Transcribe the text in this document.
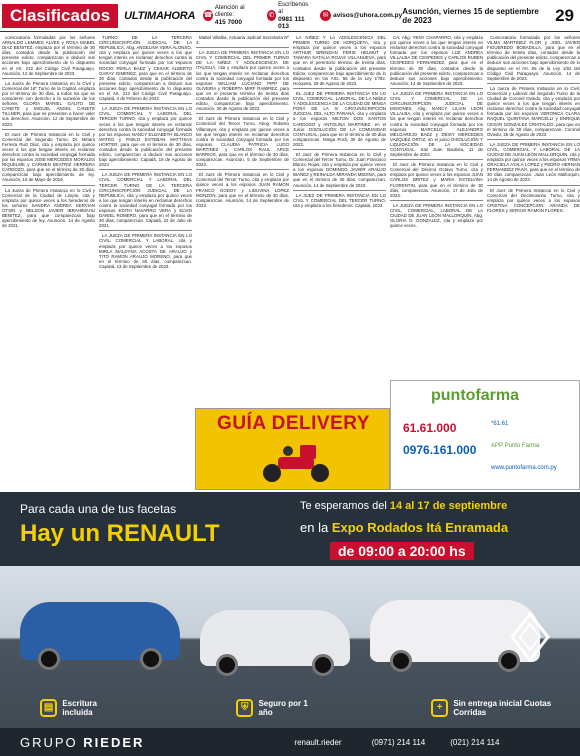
Clasificados	ULTIMAHORA ☎
Atención al cliente:
415 7000
✆
Escríbenos al
0981 111 013
✉ avisos@uhora.com.py Asunción, viernes 15 de septiembre de 2023	29

convocatoria formuladas por los señores ARNALDO LEMMES ALVES y ROSA MABEL DIAZ BENITEZ, emplaza por el término de 30 días, contados desde la publicación del presente edicto, comparezcan a deducir sus acciones bajo apercibimiento de lo dispuesto en el Art. 212 del Código Civil Paraguayo. Asunción, 12 de Septiembre de 2023.

La Jueza de Primera Instancia en lo Civil y Comercial del 18º Turno de la Capital, emplaza por el término de 30 días, a todos los que se consideren con derecho a la sucesión de los señores GLORIA MARIEL GAUTO DE CANETE y MIGUEL ANGEL CANETE TILLNER, para que se presenten a hacer valer sus derechos. Asunción, 12 de Septiembre de 2023.

El Juez de Primera Instancia en lo Civil y Comercial del Segundo Turno, Dr. Miriam Ferreira Ruiz Diaz, cita y emplaza por quince veces a los que tengan interés en reclamar derechos contra la sociedad conyugal formada por los esposos JOSE MERCEDES MORALES RIQUELME y CARMEN BEATRIZ HERRERA CARDOZO, para que en el término de 30 días, comparezcan bajo apercibimiento de ley. Asunción, 16 de Mayo de 2019.

La Jueza de Primera Instancia en lo Civil y Comercial de la Ciudad de Limpio, cita y emplaza por quince veces a los herederos de los señores SANDRA ANDREA SERVIAN OTSIN y NELSON JAVIER IBRAHIMAHU BENITEZ, para que comparezcan bajo apercibimiento de ley. Asunción, 14 de Agosto de 2021.

TURNO DE LA TERCERA CIRCUNSCRIPCIÓN JUDICIAL DE LA REPÚBLICA, Abg. ANGELINA VERA ALONSO, cita y emplaza por quince veces a los que tengan interés en reclamar derechos contra la sociedad conyugal formada por los esposos ROCIO PERLA BAEZ y CESAR ALBERTO GARAY GIMENEZ, para que en el término de 30 días, contados desde la publicación del presente edicto, comparezcan a deducir sus acciones bajo apercibimiento de lo dispuesto en el Art. 212 del Código Civil Paraguayo. Capiatá, 4 de Febrero de 2022.

LA JUEZA DE PRIMERA INSTANCIA EN LO CIVIL, COMERCIAL Y LABORAL DEL TERCER TURNO, cita y emplaza por quince veces a los que tengan interés en reclamar derechos contra la sociedad conyugal formada por los esposos NANCY ELIZABETH BLANCO MATEO y PABLO ESTEBAN MATTHIAS HORTER, para que en el término de 30 días, contados desde la publicación del presente edicto, comparezcan a deducir sus acciones bajo apercibimiento. Capiatá, 18 de Agosto de 2023.

LA JUEZA DE PRIMERA INSTANCIA EN LO CIVIL, COMERCIAL Y LABORAL DEL TERCER TURNO DE LA TERCERA CIRCUNSCRIPCIÓN JUDICIAL DE LA REPÚBLICA, cita y emplaza por quince veces a los que tengan interés en reclamar derechos contra la sociedad conyugal formada por los esposos EDITH NAVARRO VERA y ELVIO DANIEL ROMERO, para que en el término de 30 días, comparezcan. Capiatá, 22 de Julio de 2021.

LA JUEZA DE PRIMERA INSTANCIA EN LO CIVIL, COMERCIAL Y LABORAL, cita y emplaza por quince veces a los esposos MIRLA MALDYNA ACOSTA DE ARAUJO y TITO RAMON ARAUJO MORENO, para que en el término de 30 días, comparezcan. Capiatá, 13 de Septiembre de 2023.

Mabel Villalba, Actuaria Judicial Secretaría Nº 3.

LA JUEZA DE PRIMERA INSTANCIA EN LO CIVIL Y COMERCIAL DEL PRIMER TURNO DE LA NIÑEZ Y ADOLESCENCIA DE ITAUGUÁ, cita y emplaza por quince veces a los que tengan interés en reclamar derechos contra la sociedad conyugal formada por los esposos WILLIAM LUCIANO PIPP DE OLIVEIRA y ROBERTA MIRF RAMIREZ, para que en el presente término de treinta días contados desde la publicación del presente edicto, comparezcan bajo apercibimiento. Asunción, 30 de Agosto de 2023.

El Juez de Primera Instancia en lo Civil y Comercial del Tercer Turno, Abog. Roberto Villamayor, cita y emplaza por quince veces a los que tengan interés en reclamar derechos contra la sociedad conyugal formada por los esposos CLAUDIA PATRICIA LUGO MARTINEZ y CARLOS RAUL ARCE BARRIOS, para que en el término de 30 días, comparezcan. Asunción, 6 de Septiembre de 2023.

El Juez de Primera Instancia en lo Civil y Comercial del Tercer Turno, cita y emplaza por quince veces a los esposos JUAN RAMON FRANCO GODOY y LIDUVINA LOPEZ MONZON, para que en el término de 30 días, comparezcan. Asunción, 14 de Septiembre de 2023.

LA NIÑEZ Y LA ADOLESCENCIA DEL PRIMER TURNO DE HORQUETA, cita y emplaza por quince veces a los esposos ARTHUR BRENDAN FERIS HELMUT y TAMARA NATALIA ROJAS VILLANUEVA, para que en el perentorio término de treinta días, contados desde la publicación del presente Edicto, comparezcan bajo apercibimiento de lo dispuesto en los Arts. 55 de la Ley 1º/92. Horqueta, 29 de Agosto de 2023.

EL JUEZ DE PRIMERA INSTANCIA EN LO CIVIL, COMERCIAL, LABORAL, DE LA NIÑEZ Y ADOLESCENCIA DE LA CIUDAD DE MINGA PORÁ DE LA IV CIRCUNSCRIPCIÓN JUDICIAL DEL ALTO PARANÁ, cita y emplaza a los esposos MILTON DOS SANTOS CARDOSO y ANTOLINA MARTINEZ, en el Juicio: DISOLUCIÓN DE LA COMUNIDAD CONYUGAL, para que en el término de 30 días comparezcan. Minga Porá, 30 de Agosto de 2023.

El Juez de Primera Instancia en lo Civil y Comercial del Tercer Turno, Dr. Juan Francisco Blanco Rojas, cita y emplaza por quince veces a los esposos DOMINGO JAVIER ARAUJO IBAÑEZ y REINALDA MIRANDA MEDINA, para que en el término de 30 días, comparezcan. Asunción, 14 de Septiembre de 2023.

LA JUEZ DE PRIMERA INSTANCIA EN LO CIVIL Y COMERCIAL DEL TERCER TURNO, cita y emplaza a los herederos. Capiatá, 2023.

CA, Abg. YENY CHAPARRO, cita y emplaza por quince veces a los que tengan interés en reclamar derechos contra la sociedad conyugal formada por los esposos LUZ ANDREA VILLALBA DE CESPEDES y CARLOS RUBEN CESPEDES FERNANDEZ, para que en el término de 30 días, contados desde la publicación del presente edicto, comparezcan a deducir sus acciones bajo apercibimiento. Asunción, 14 de Septiembre de 2023.

LA JUEZA DE PRIMERA INSTANCIA EN LO CIVIL Y COMERCIAL DE LA CIRCUNSCRIPCIÓN JUDICIAL DE MISIONES, Abg. NANCY LILIAN LEON VILLALBA, cita y emplaza por quince veces a los que tengan interés en reclamar derechos contra la sociedad conyugal formada por los esposos MARCELO ALEJANDRO MELGAREJO BAEZ y DEISY MERCEDES VAZQUEZ ORTIZ, en el juicio DISOLUCIÓN Y LIQUIDACIÓN DE LA SOCIEDAD CONYUGAL. San Juan Bautista, 11 de Septiembre de 2023.

El Juez de Primera Instancia en lo Civil y Comercial del Décimo Octavo Turno, cita y emplaza por quince veces a los esposos JUAN CARLOS BRITEZ y MARIA ESTELVINA FLORENTIN, para que en el término de 30 días, comparezcan. Asunción, 17 de Julio de 2023.

LA JUEZA DE PRIMERA INSTANCIA EN LO CIVIL, COMERCIAL, LABORAL DE LA CIUDAD DE JUAN LEÓN MALLORQUÍN, Abg. GLORIA G. GONZALEZ, cita y emplaza por quince veces.

Convocatoria formulada por los señores VILMA MARTINEZ FLOR y JOEL JAVIER FIGUEREDO BOBADILLA, para que en el término de treinta días, contados desde la publicación del presente edicto, comparezcan a deducir sus acciones bajo apercibimiento de lo dispuesto en el Art. 55 de la Ley 1/92 del Código Civil Paraguayo. Asunción, 14 de Septiembre de 2023.

La Jueza de Primera Instancia en lo Civil, Comercial y Laboral del Segundo Turno de la Ciudad de Coronel Oviedo, cita y emplaza por quince veces a los que tengan interés en reclamar derechos contra la sociedad conyugal formada por los esposos VERONICA CLARA RAQUEL QUINTANA MARCELLI y ENRIQUE CESAR GONZALEZ CRISTALDO, para que en el término de 30 días, comparezcan. Coronel Oviedo, 25 de Agosto de 2023.

LA JUEZA DE PRIMERA INSTANCIA EN LO CIVIL, COMERCIAL Y LABORAL DE LA CIUDAD DE JUAN LEÓN MALLORQUÍN, cita y emplaza por quince veces a los esposos YRMA GRACIELA AYALA LOPEZ y PEDRO HERNAN FERNANDEZ PAIVA, para que en el término de 30 días comparezcan. Juan León Mallorquín, 14 de Agosto de 2023.

El Juez de Primera Instancia en lo Civil y Comercial del Decimosexto Turno, cita y emplaza por quince veces a los esposos CRISTINA CONCEPCION ARANDA DE FLORES y SERGIO RAMON FLORES.

GUÍA DELIVERY
puntofarma
61.61.000	*61.61
0976.161.000 APP Punto Farma
www.puntofarma.com.py
Para cada una de tus facetas
Hay un RENAULT
Te esperamos del 14 al 17 de septiembre
en la Expo Rodados Itá Enramada
de 09:00 a 20:00 hs
▤	Escritura incluida	⛨	Seguro por 1 año	+	Sin entrega inicial Cuotas Corridas
GRUPO RIEDER	renault.rieder	(0971) 214 114	(021) 214 114
